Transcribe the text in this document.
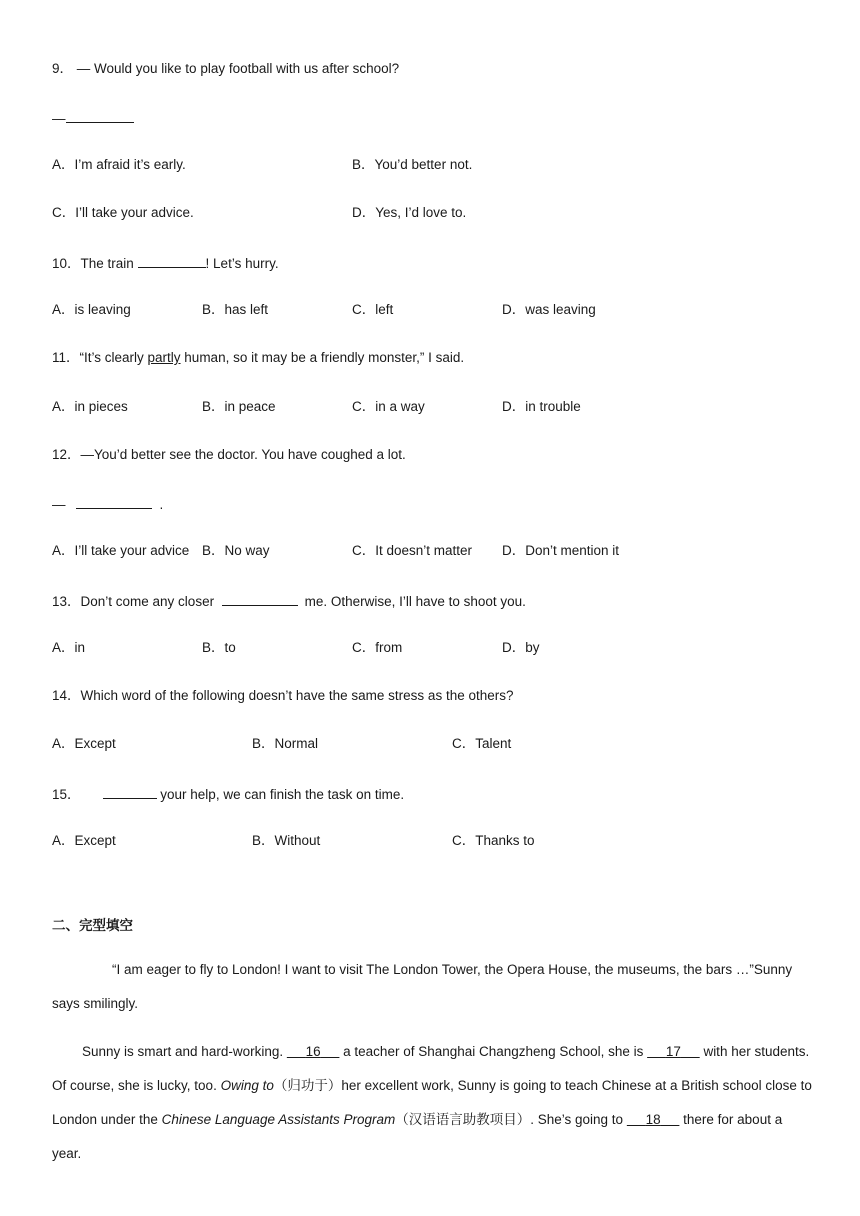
9． — Would you like to play football with us after school?
—
A．I’m afraid it’s early.	B．You’d better not.
C．I’ll take your advice.	D．Yes, I’d love to.
10．The train	! Let’s hurry.
A．is leaving	B．has left	C．left	D．was leaving
11．“It’s clearly partly human, so it may be a friendly monster,” I said.
A．in pieces	B．in peace	C．in a way	D．in trouble
12．—You’d better see the doctor. You have coughed a lot.
—	.
A．I’ll take your advice B．No way	C．It doesn’t matter D．Don’t mention it
13．Don’t come any closer	me. Otherwise, I’ll have to shoot you.
A．in	B．to	C．from	D．by
14．Which word of the following doesn’t have the same stress as the others?
A．Except	B．Normal	C．Talent
15．	your help, we can finish the task on time.
A．Except	B．Without	C．Thanks to
二、完型填空
“I am eager to fly to London! I want to visit The London Tower, the Opera House, the museums, the bars …”Sunny says smilingly.
Sunny is smart and hard-working.      16      a teacher of Shanghai Changzheng School, she is      17      with her students. Of course, she is lucky, too. Owing to（归功于）her excellent work, Sunny is going to teach Chinese at a British school close to London under the Chinese Language Assistants Program（汉语语言助教项目）. She’s going to      18      there for about a year.
